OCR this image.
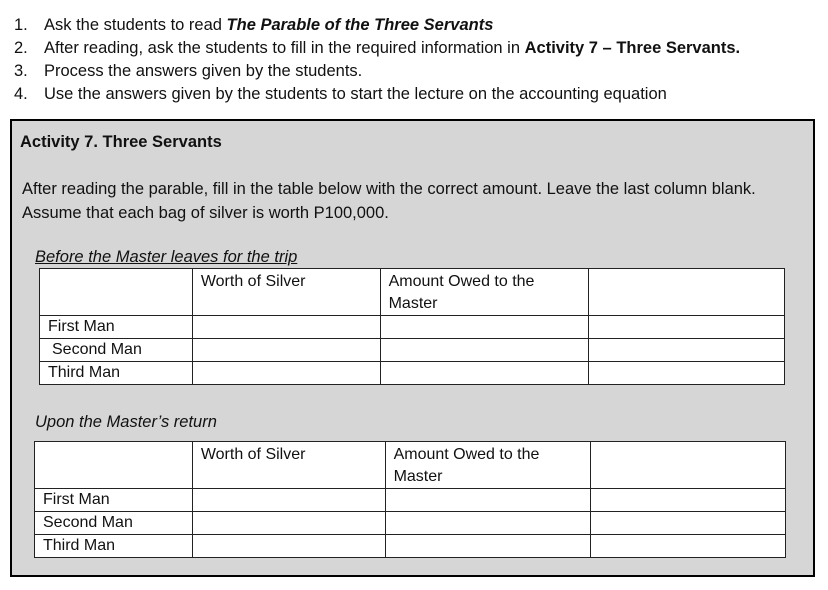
1. Ask the students to read The Parable of the Three Servants
2. After reading, ask the students to fill in the required information in Activity 7 – Three Servants.
3. Process the answers given by the students.
4. Use the answers given by the students to start the lecture on the accounting equation
Activity 7. Three Servants
After reading the parable, fill in the table below with the correct amount. Leave the last column blank.
Assume that each bag of silver is worth P100,000.
Before the Master leaves for the trip
	Worth of Silver	Amount Owed to the Master	
First Man			
Second Man			
Third Man			
Upon the Master’s return
	Worth of Silver	Amount Owed to the Master	
First Man			
Second Man			
Third Man			
